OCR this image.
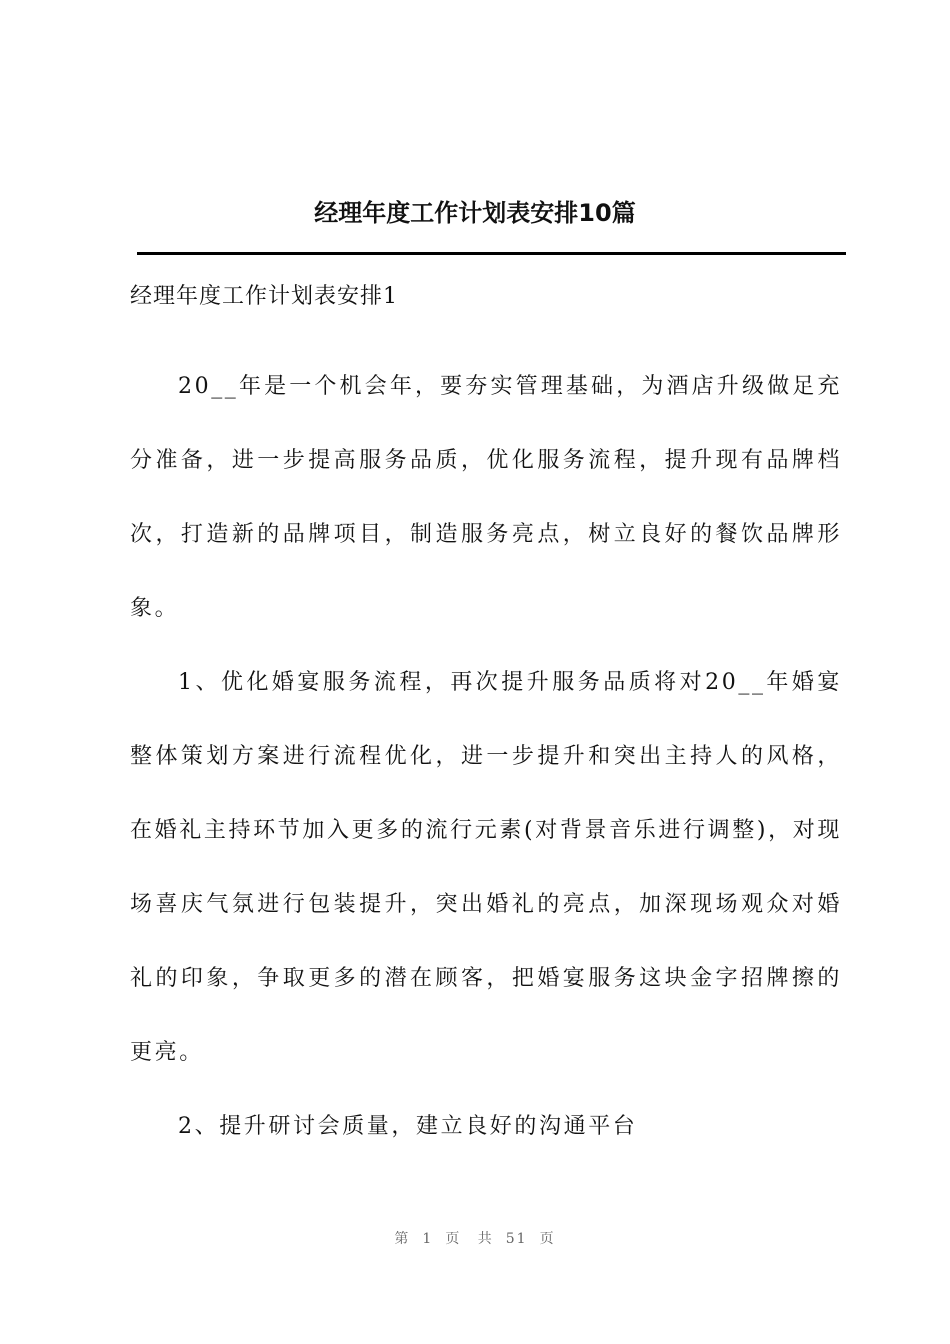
经理年度工作计划表安排10篇
经理年度工作计划表安排1

20__年是一个机会年，要夯实管理基础，为酒店升级做足充分准备，进一步提高服务品质，优化服务流程，提升现有品牌档次，打造新的品牌项目，制造服务亮点，树立良好的餐饮品牌形象。

1、优化婚宴服务流程，再次提升服务品质将对20__年婚宴整体策划方案进行流程优化，进一步提升和突出主持人的风格，在婚礼主持环节加入更多的流行元素(对背景音乐进行调整)，对现场喜庆气氛进行包装提升，突出婚礼的亮点，加深现场观众对婚礼的印象，争取更多的潜在顾客，把婚宴服务这块金字招牌擦的更亮。

2、提升研讨会质量，建立良好的沟通平台

第 1 页 共 51 页
